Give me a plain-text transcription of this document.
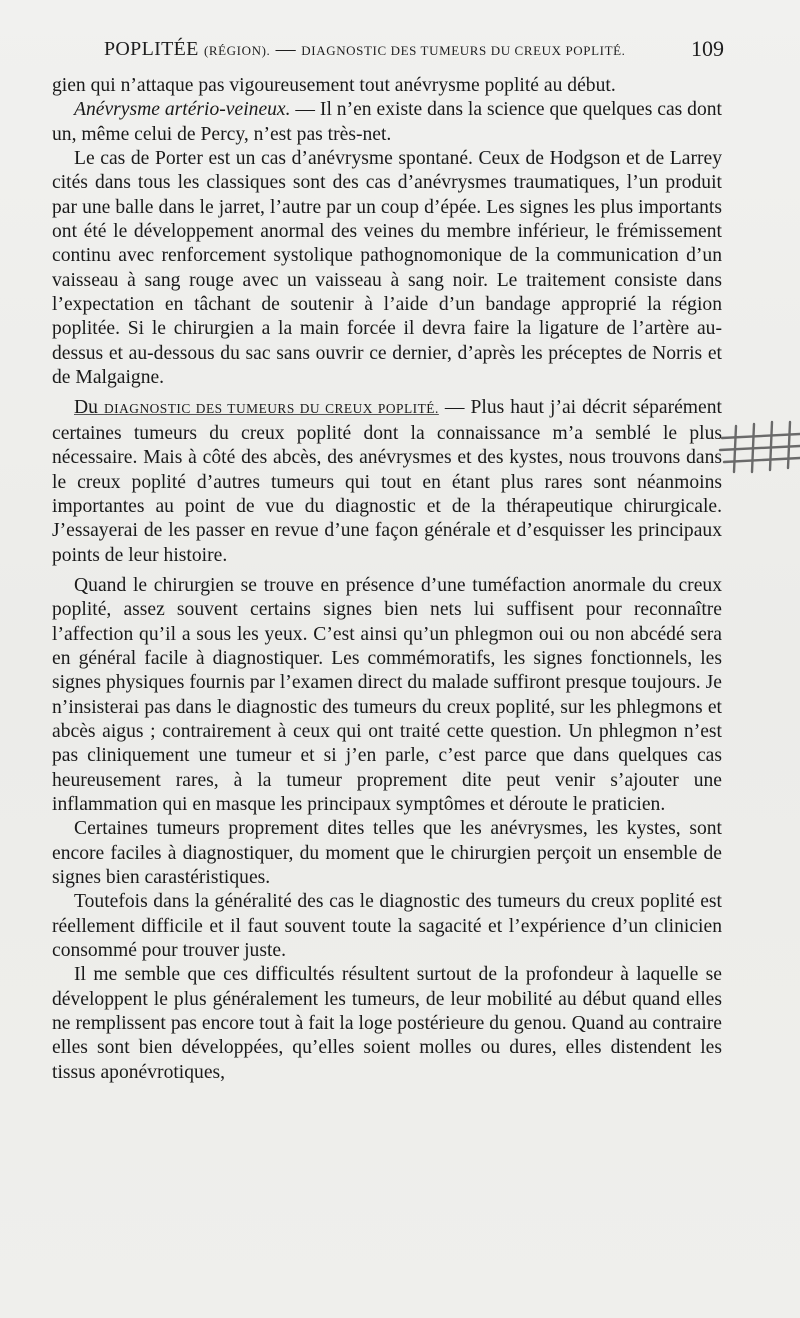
POPLITÉE (RÉGION). — DIAGNOSTIC DES TUMEURS DU CREUX POPLITÉ.	109

gien qui n’attaque pas vigoureusement tout anévrysme poplité au début.

Anévrysme artério-veineux. — Il n’en existe dans la science que quelques cas dont un, même celui de Percy, n’est pas très-net.

Le cas de Porter est un cas d’anévrysme spontané. Ceux de Hodgson et de Larrey cités dans tous les classiques sont des cas d’anévrysmes traumatiques, l’un produit par une balle dans le jarret, l’autre par un coup d’épée. Les signes les plus importants ont été le développement anormal des veines du membre inférieur, le frémissement continu avec renforcement systolique pathognomonique de la communication d’un vaisseau à sang rouge avec un vaisseau à sang noir. Le traitement consiste dans l’expectation en tâchant de soutenir à l’aide d’un bandage approprié la région poplitée. Si le chirurgien a la main forcée il devra faire la ligature de l’artère au-dessus et au-dessous du sac sans ouvrir ce dernier, d’après les préceptes de Norris et de Malgaigne.

Du DIAGNOSTIC DES TUMEURS DU CREUX POPLITÉ. — Plus haut j’ai décrit séparément certaines tumeurs du creux poplité dont la connaissance m’a semblé le plus nécessaire. Mais à côté des abcès, des anévrysmes et des kystes, nous trouvons dans le creux poplité d’autres tumeurs qui tout en étant plus rares sont néanmoins importantes au point de vue du diagnostic et de la thérapeutique chirurgicale. J’essayerai de les passer en revue d’une façon générale et d’esquisser les principaux points de leur histoire.

Quand le chirurgien se trouve en présence d’une tuméfaction anormale du creux poplité, assez souvent certains signes bien nets lui suffisent pour reconnaître l’affection qu’il a sous les yeux. C’est ainsi qu’un phlegmon oui ou non abcédé sera en général facile à diagnostiquer. Les commémoratifs, les signes fonctionnels, les signes physiques fournis par l’examen direct du malade suffiront presque toujours. Je n’insisterai pas dans le diagnostic des tumeurs du creux poplité, sur les phlegmons et abcès aigus ; contrairement à ceux qui ont traité cette question. Un phlegmon n’est pas cliniquement une tumeur et si j’en parle, c’est parce que dans quelques cas heureusement rares, à la tumeur proprement dite peut venir s’ajouter une inflammation qui en masque les principaux symptômes et déroute le praticien.

Certaines tumeurs proprement dites telles que les anévrysmes, les kystes, sont encore faciles à diagnostiquer, du moment que le chirurgien perçoit un ensemble de signes bien carastéristiques.

Toutefois dans la généralité des cas le diagnostic des tumeurs du creux poplité est réellement difficile et il faut souvent toute la sagacité et l’expérience d’un clinicien consommé pour trouver juste.

Il me semble que ces difficultés résultent surtout de la profondeur à laquelle se développent le plus généralement les tumeurs, de leur mobilité au début quand elles ne remplissent pas encore tout à fait la loge postérieure du genou. Quand au contraire elles sont bien développées, qu’elles soient molles ou dures, elles distendent les tissus aponévrotiques,
